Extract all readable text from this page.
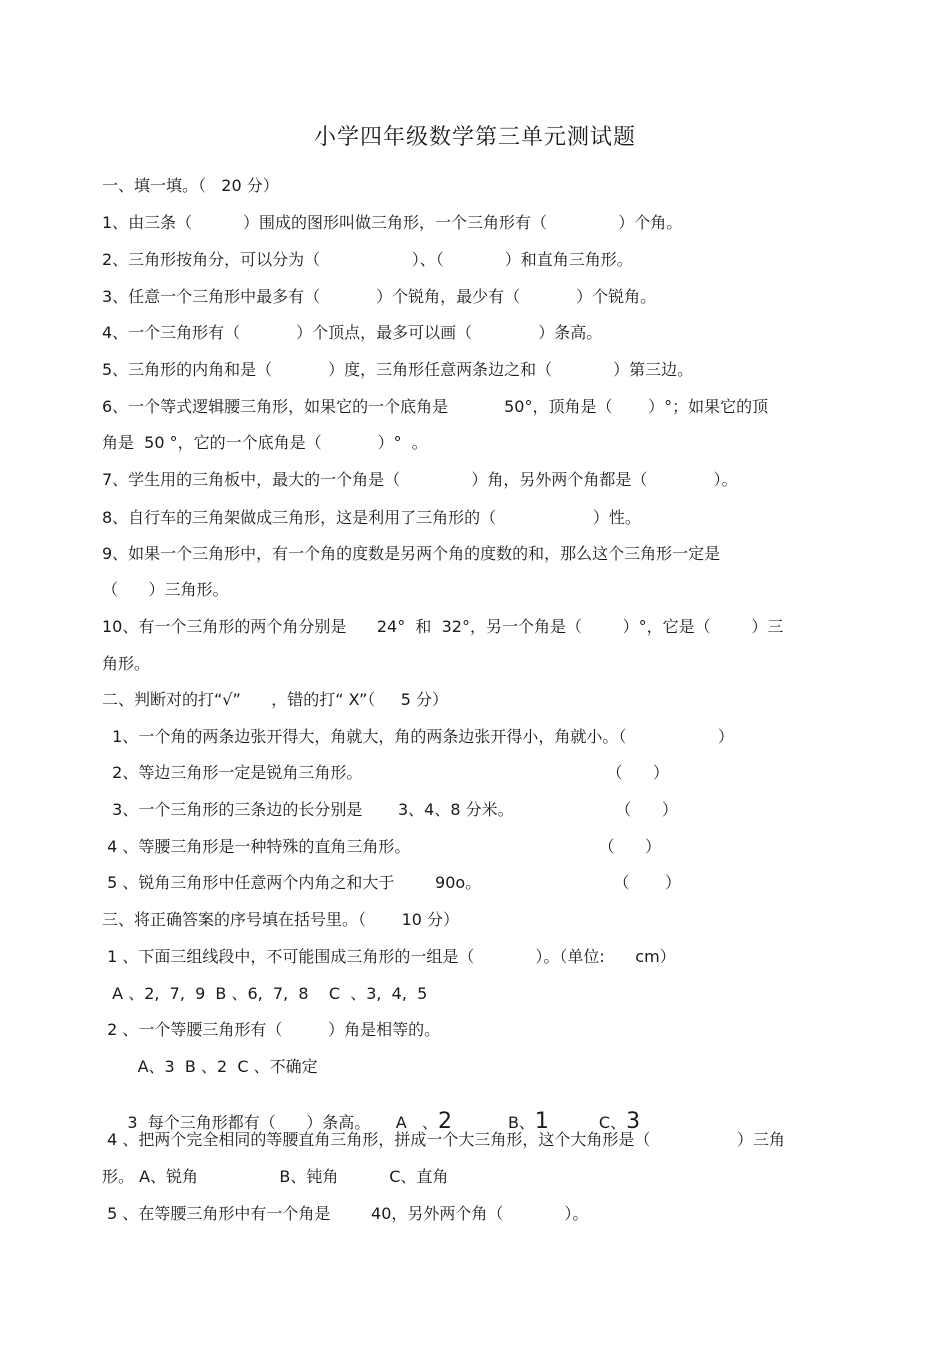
小学四年级数学第三单元测试题
一、填一填。（   20 分）
1、由三条（          ）围成的图形叫做三角形，一个三角形有（              ）个角。
2、三角形按角分，可以分为（                  ）、（            ）和直角三角形。
3、任意一个三角形中最多有（           ）个锐角，最少有（           ）个锐角。
4、一个三角形有（           ）个顶点，最多可以画（             ）条高。
5、三角形的内角和是（           ）度，三角形任意两条边之和（            ）第三边。
6、一个等式逻辑腰三角形，如果它的一个底角是           50°，顶角是（       ）°；如果它的顶
角是  50 °，它的一个底角是（           ）°  。
7、学生用的三角板中，最大的一个角是（              ）角，另外两个角都是（             ）。
8、自行车的三角架做成三角形，这是利用了三角形的（                   ）性。
9、如果一个三角形中，有一个角的度数是另两个角的度数的和，那么这个三角形一定是
（      ）三角形。
10、有一个三角形的两个角分别是      24°  和  32°，另一个角是（        ）°，它是（        ）三
角形。
二、判断对的打“√”      ，错的打“ X”（     5 分）
1、一个角的两条边张开得大，角就大，角的两条边张开得小，角就小。（                  ）
2、等边三角形一定是锐角三角形。                                                （      ）
3、一个三角形的三条边的长分别是       3、4、8 分米。                    （      ）
4 、等腰三角形是一种特殊的直角三角形。                                     （      ）
5 、锐角三角形中任意两个内角之和大于        90o。                          （       ）
三、将正确答案的序号填在括号里。（       10 分）
1 、下面三组线段中，不可能围成三角形的一组是（            ）。（单位:      cm）
A 、2,  7,  9  B 、6,  7,  8    C  、3,  4,  5
2 、一个等腰三角形有（         ）角是相等的。
A、3  B 、2  C 、不确定

3  每个三角形都有（      ）条高。     A   、2	B、1	C、3

4 、把两个完全相同的等腰直角三角形，拼成一个大三角形，这个大角形是（                 ）三角
形。 A、锐角                B、钝角          C、直角
5 、在等腰三角形中有一个角是        40，另外两个角（            ）。
